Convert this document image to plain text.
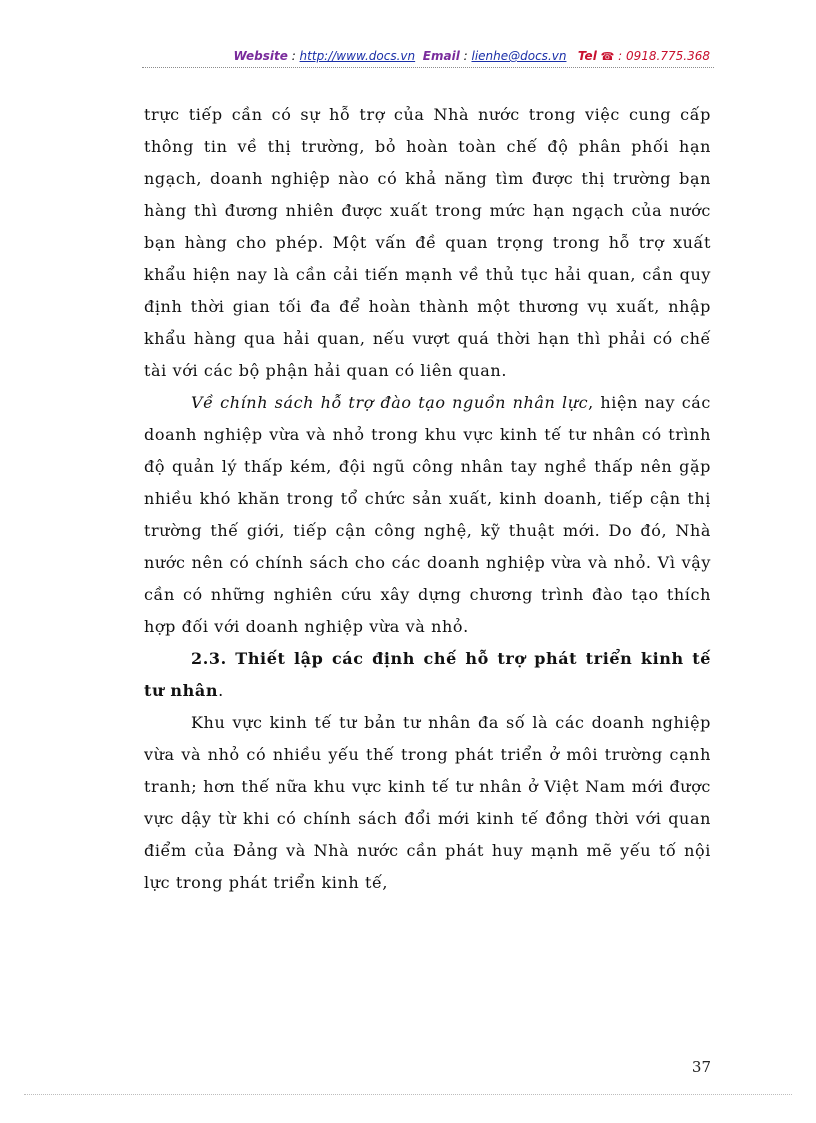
Website : http://www.docs.vn Email : lienhe@docs.vn Tel ☎ : 0918.775.368

trực tiếp cần có sự hỗ trợ của Nhà nước trong việc cung cấp thông tin về thị trường, bỏ hoàn toàn chế độ phân phối hạn ngạch, doanh nghiệp nào có khả năng tìm được thị trường bạn hàng thì đương nhiên được xuất trong mức hạn ngạch của nước bạn hàng cho phép. Một vấn đề quan trọng trong hỗ trợ xuất khẩu hiện nay là cần cải tiến mạnh về thủ tục hải quan, cần quy định thời gian tối đa để hoàn thành một thương vụ xuất, nhập khẩu hàng qua hải quan, nếu vượt quá thời hạn thì phải có chế tài với các bộ phận hải quan có liên quan.

Về chính sách hỗ trợ đào tạo nguồn nhân lực, hiện nay các doanh nghiệp vừa và nhỏ trong khu vực kinh tế tư nhân có trình độ quản lý thấp kém, đội ngũ công nhân tay nghề thấp nên gặp nhiều khó khăn trong tổ chức sản xuất, kinh doanh, tiếp cận thị trường thế giới, tiếp cận công nghệ, kỹ thuật mới. Do đó, Nhà nước nên có chính sách cho các doanh nghiệp vừa và nhỏ. Vì vậy cần có những nghiên cứu xây dựng chương trình đào tạo thích hợp đối với doanh nghiệp vừa và nhỏ.

2.3. Thiết lập các định chế hỗ trợ phát triển kinh tế tư nhân.

Khu vực kinh tế tư bản tư nhân đa số là các doanh nghiệp vừa và nhỏ có nhiều yếu thế trong phát triển ở môi trường cạnh tranh; hơn thế nữa khu vực kinh tế tư nhân ở Việt Nam mới được vực dậy từ khi có chính sách đổi mới kinh tế đồng thời với quan điểm của Đảng và Nhà nước cần phát huy mạnh mẽ yếu tố nội lực trong phát triển kinh tế,

37
